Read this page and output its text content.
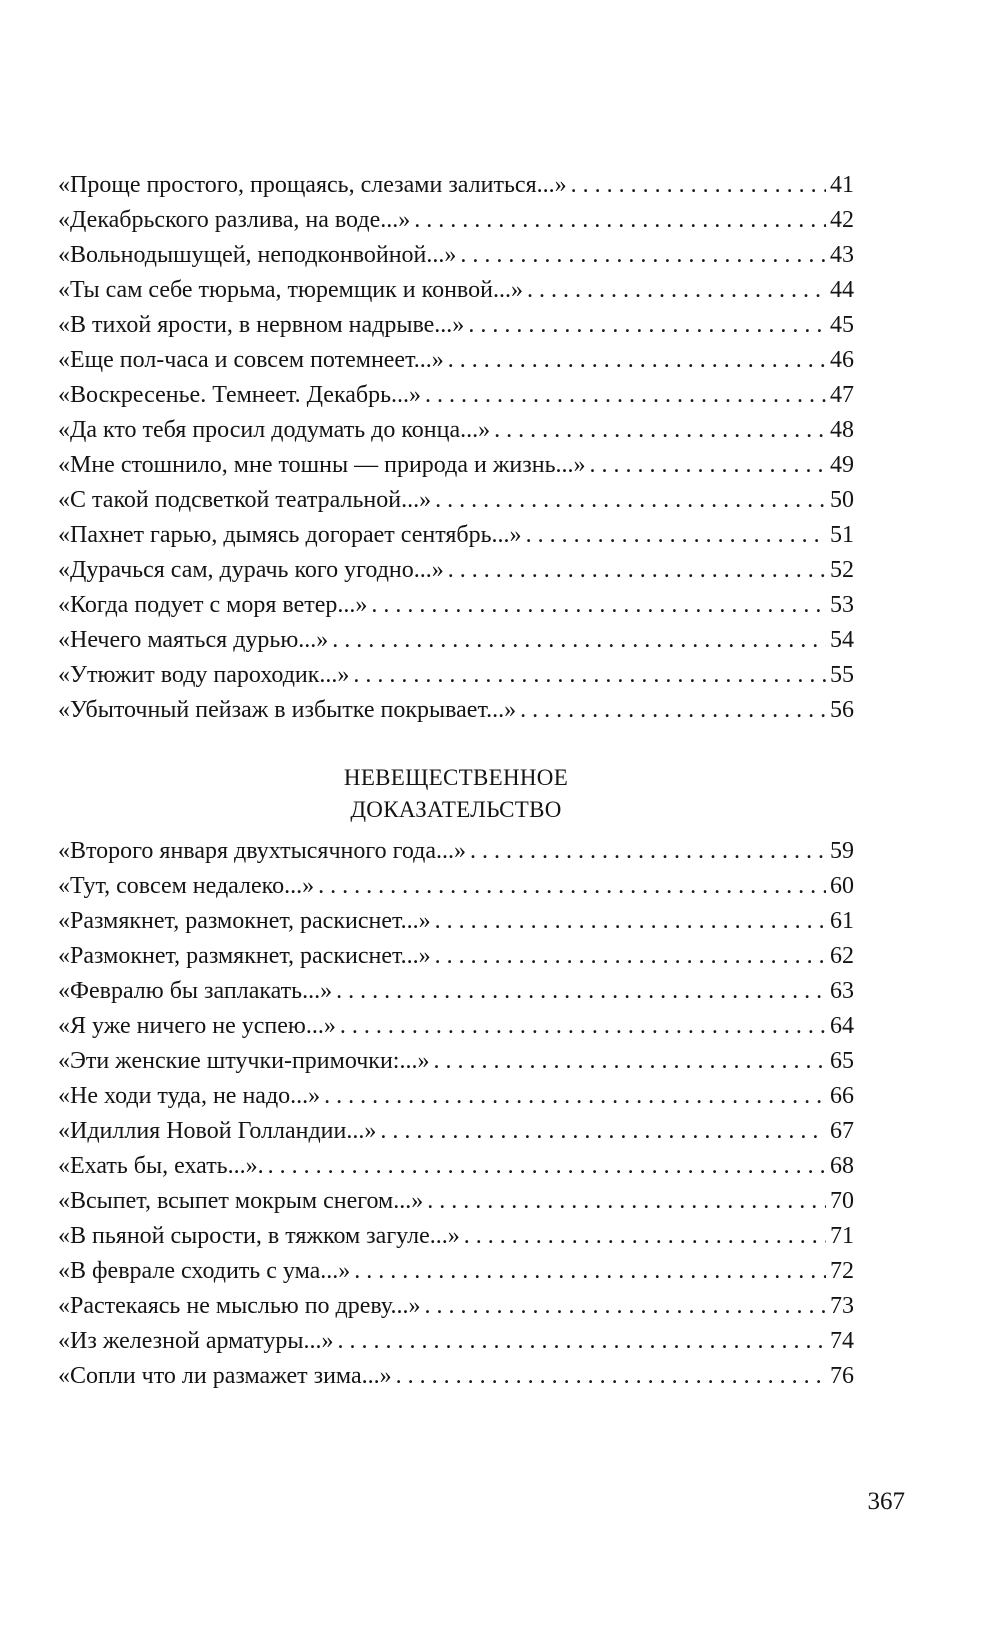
«Проще простого, прощаясь, слезами залиться...» . . .	41
«Декабрьского разлива, на воде...» . . .	42
«Вольнодышущей, неподконвойной...» . . .	43
«Ты сам себе тюрьма, тюремщик и конвой...» . . .	44
«В тихой ярости, в нервном надрыве...» . . .	45
«Еще пол-часа и совсем потемнеет...» . . .	46
«Воскресенье. Темнеет. Декабрь...» . . .	47
«Да кто тебя просил додумать до конца...» . . .	48
«Мне стошнило, мне тошны — природа и жизнь...» . . .	49
«С такой подсветкой театральной...» . . .	50
«Пахнет гарью, дымясь догорает сентябрь...» . . .	51
«Дурачься сам, дурачь кого угодно...» . . .	52
«Когда подует с моря ветер...» . . .	53
«Нечего маяться дурью...» . . .	54
«Утюжит воду пароходик...» . . .	55
«Убыточный пейзаж в избытке покрывает...» . . .	56
НЕВЕЩЕСТВЕННОЕ
ДОКАЗАТЕЛЬСТВО
«Второго января двухтысячного года...» . . .	59
«Тут, совсем недалеко...» . . .	60
«Размякнет, размокнет, раскиснет...» . . .	61
«Размокнет, размякнет, раскиснет...» . . .	62
«Февралю бы заплакать...» . . .	63
«Я уже ничего не успею...» . . .	64
«Эти женские штучки-примочки:...» . . .	65
«Не ходи туда, не надо...» . . .	66
«Идиллия Новой Голландии...» . . .	67
«Ехать бы, ехать...». . . .	68
«Всыпет, всыпет мокрым снегом...» . . .	70
«В пьяной сырости, в тяжком загуле...» . . .	71
«В феврале сходить с ума...» . . .	72
«Растекаясь не мыслью по древу...» . . .	73
«Из железной арматуры...» . . .	74
«Сопли что ли размажет зима...» . . .	76
367
